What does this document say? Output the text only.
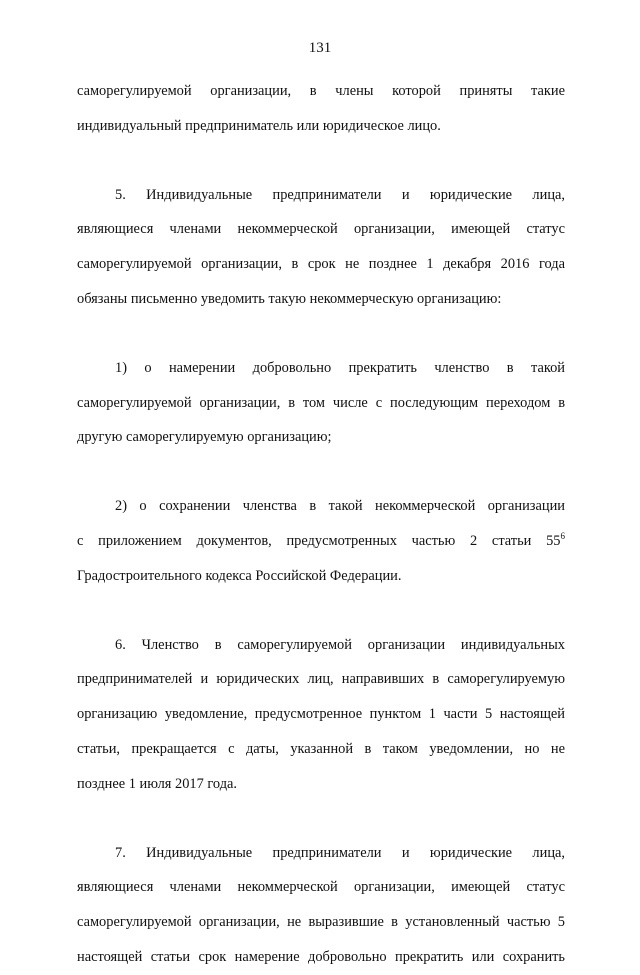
131
саморегулируемой организации, в члены которой приняты такие
индивидуальный предприниматель или юридическое лицо.
5. Индивидуальные предприниматели и юридические лица,
являющиеся членами некоммерческой организации, имеющей статус
саморегулируемой организации, в срок не позднее 1 декабря 2016 года
обязаны письменно уведомить такую некоммерческую организацию:
1) о намерении добровольно прекратить членство в такой
саморегулируемой организации, в том числе с последующим переходом в
другую саморегулируемую организацию;
2) о сохранении членства в такой некоммерческой организации
с приложением документов, предусмотренных частью 2 статьи $55^6$
Градостроительного кодекса Российской Федерации.
6. Членство в саморегулируемой организации индивидуальных
предпринимателей и юридических лиц, направивших в саморегулируемую
организацию уведомление, предусмотренное пунктом 1 части 5 настоящей
статьи, прекращается с даты, указанной в таком уведомлении, но не
позднее 1 июля 2017 года.
7. Индивидуальные предприниматели и юридические лица,
являющиеся членами некоммерческой организации, имеющей статус
саморегулируемой организации, не выразившие в установленный частью 5
настоящей статьи срок намерение добровольно прекратить или сохранить
